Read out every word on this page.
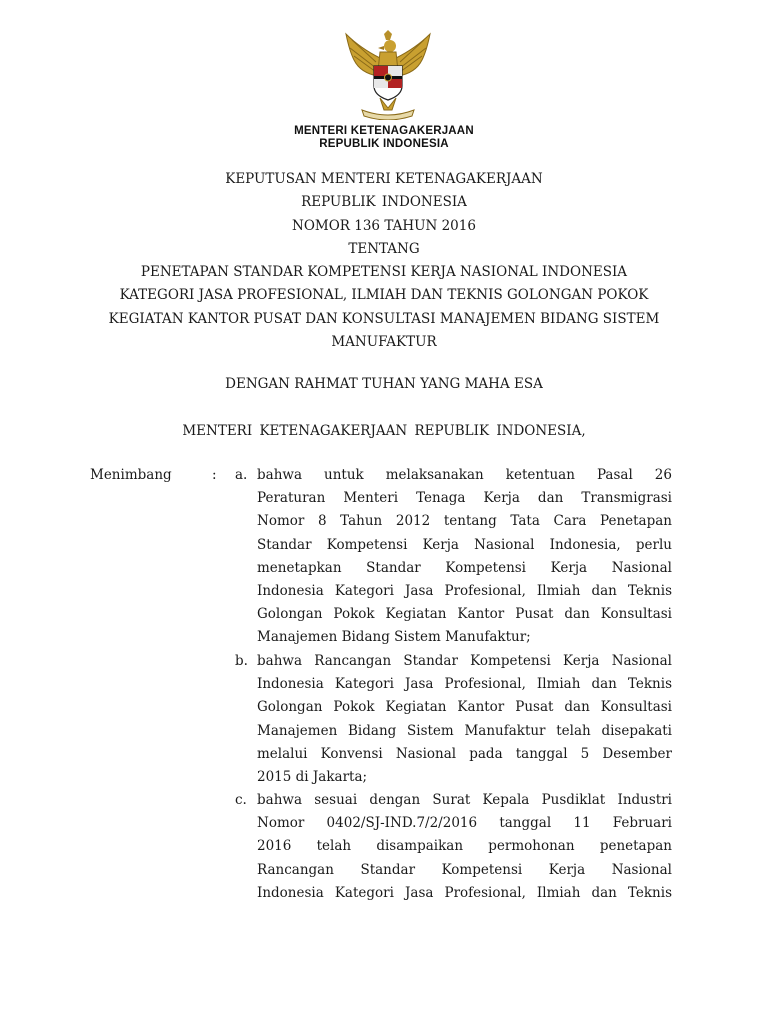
MENTERI KETENAGAKERJAAN
REPUBLIK INDONESIA
KEPUTUSAN MENTERI KETENAGAKERJAAN
REPUBLIK INDONESIA
NOMOR 136 TAHUN 2016
TENTANG
PENETAPAN STANDAR KOMPETENSI KERJA NASIONAL INDONESIA
KATEGORI JASA PROFESIONAL, ILMIAH DAN TEKNIS GOLONGAN POKOK
KEGIATAN KANTOR PUSAT DAN KONSULTASI MANAJEMEN BIDANG SISTEM
MANUFAKTUR
DENGAN RAHMAT TUHAN YANG MAHA ESA
MENTERI KETENAGAKERJAAN REPUBLIK INDONESIA,
Menimbang	: a. bahwa untuk melaksanakan ketentuan Pasal 26
Peraturan Menteri Tenaga Kerja dan Transmigrasi
Nomor 8 Tahun 2012 tentang Tata Cara Penetapan
Standar Kompetensi Kerja Nasional Indonesia, perlu
menetapkan Standar Kompetensi Kerja Nasional
Indonesia Kategori Jasa Profesional, Ilmiah dan Teknis
Golongan Pokok Kegiatan Kantor Pusat dan Konsultasi
Manajemen Bidang Sistem Manufaktur;
b. bahwa Rancangan Standar Kompetensi Kerja Nasional
Indonesia Kategori Jasa Profesional, Ilmiah dan Teknis
Golongan Pokok Kegiatan Kantor Pusat dan Konsultasi
Manajemen Bidang Sistem Manufaktur telah disepakati
melalui Konvensi Nasional pada tanggal 5 Desember
2015 di Jakarta;
c. bahwa sesuai dengan Surat Kepala Pusdiklat Industri
Nomor 0402/SJ-IND.7/2/2016 tanggal 11 Februari
2016 telah disampaikan permohonan penetapan
Rancangan Standar Kompetensi Kerja Nasional
Indonesia Kategori Jasa Profesional, Ilmiah dan Teknis
